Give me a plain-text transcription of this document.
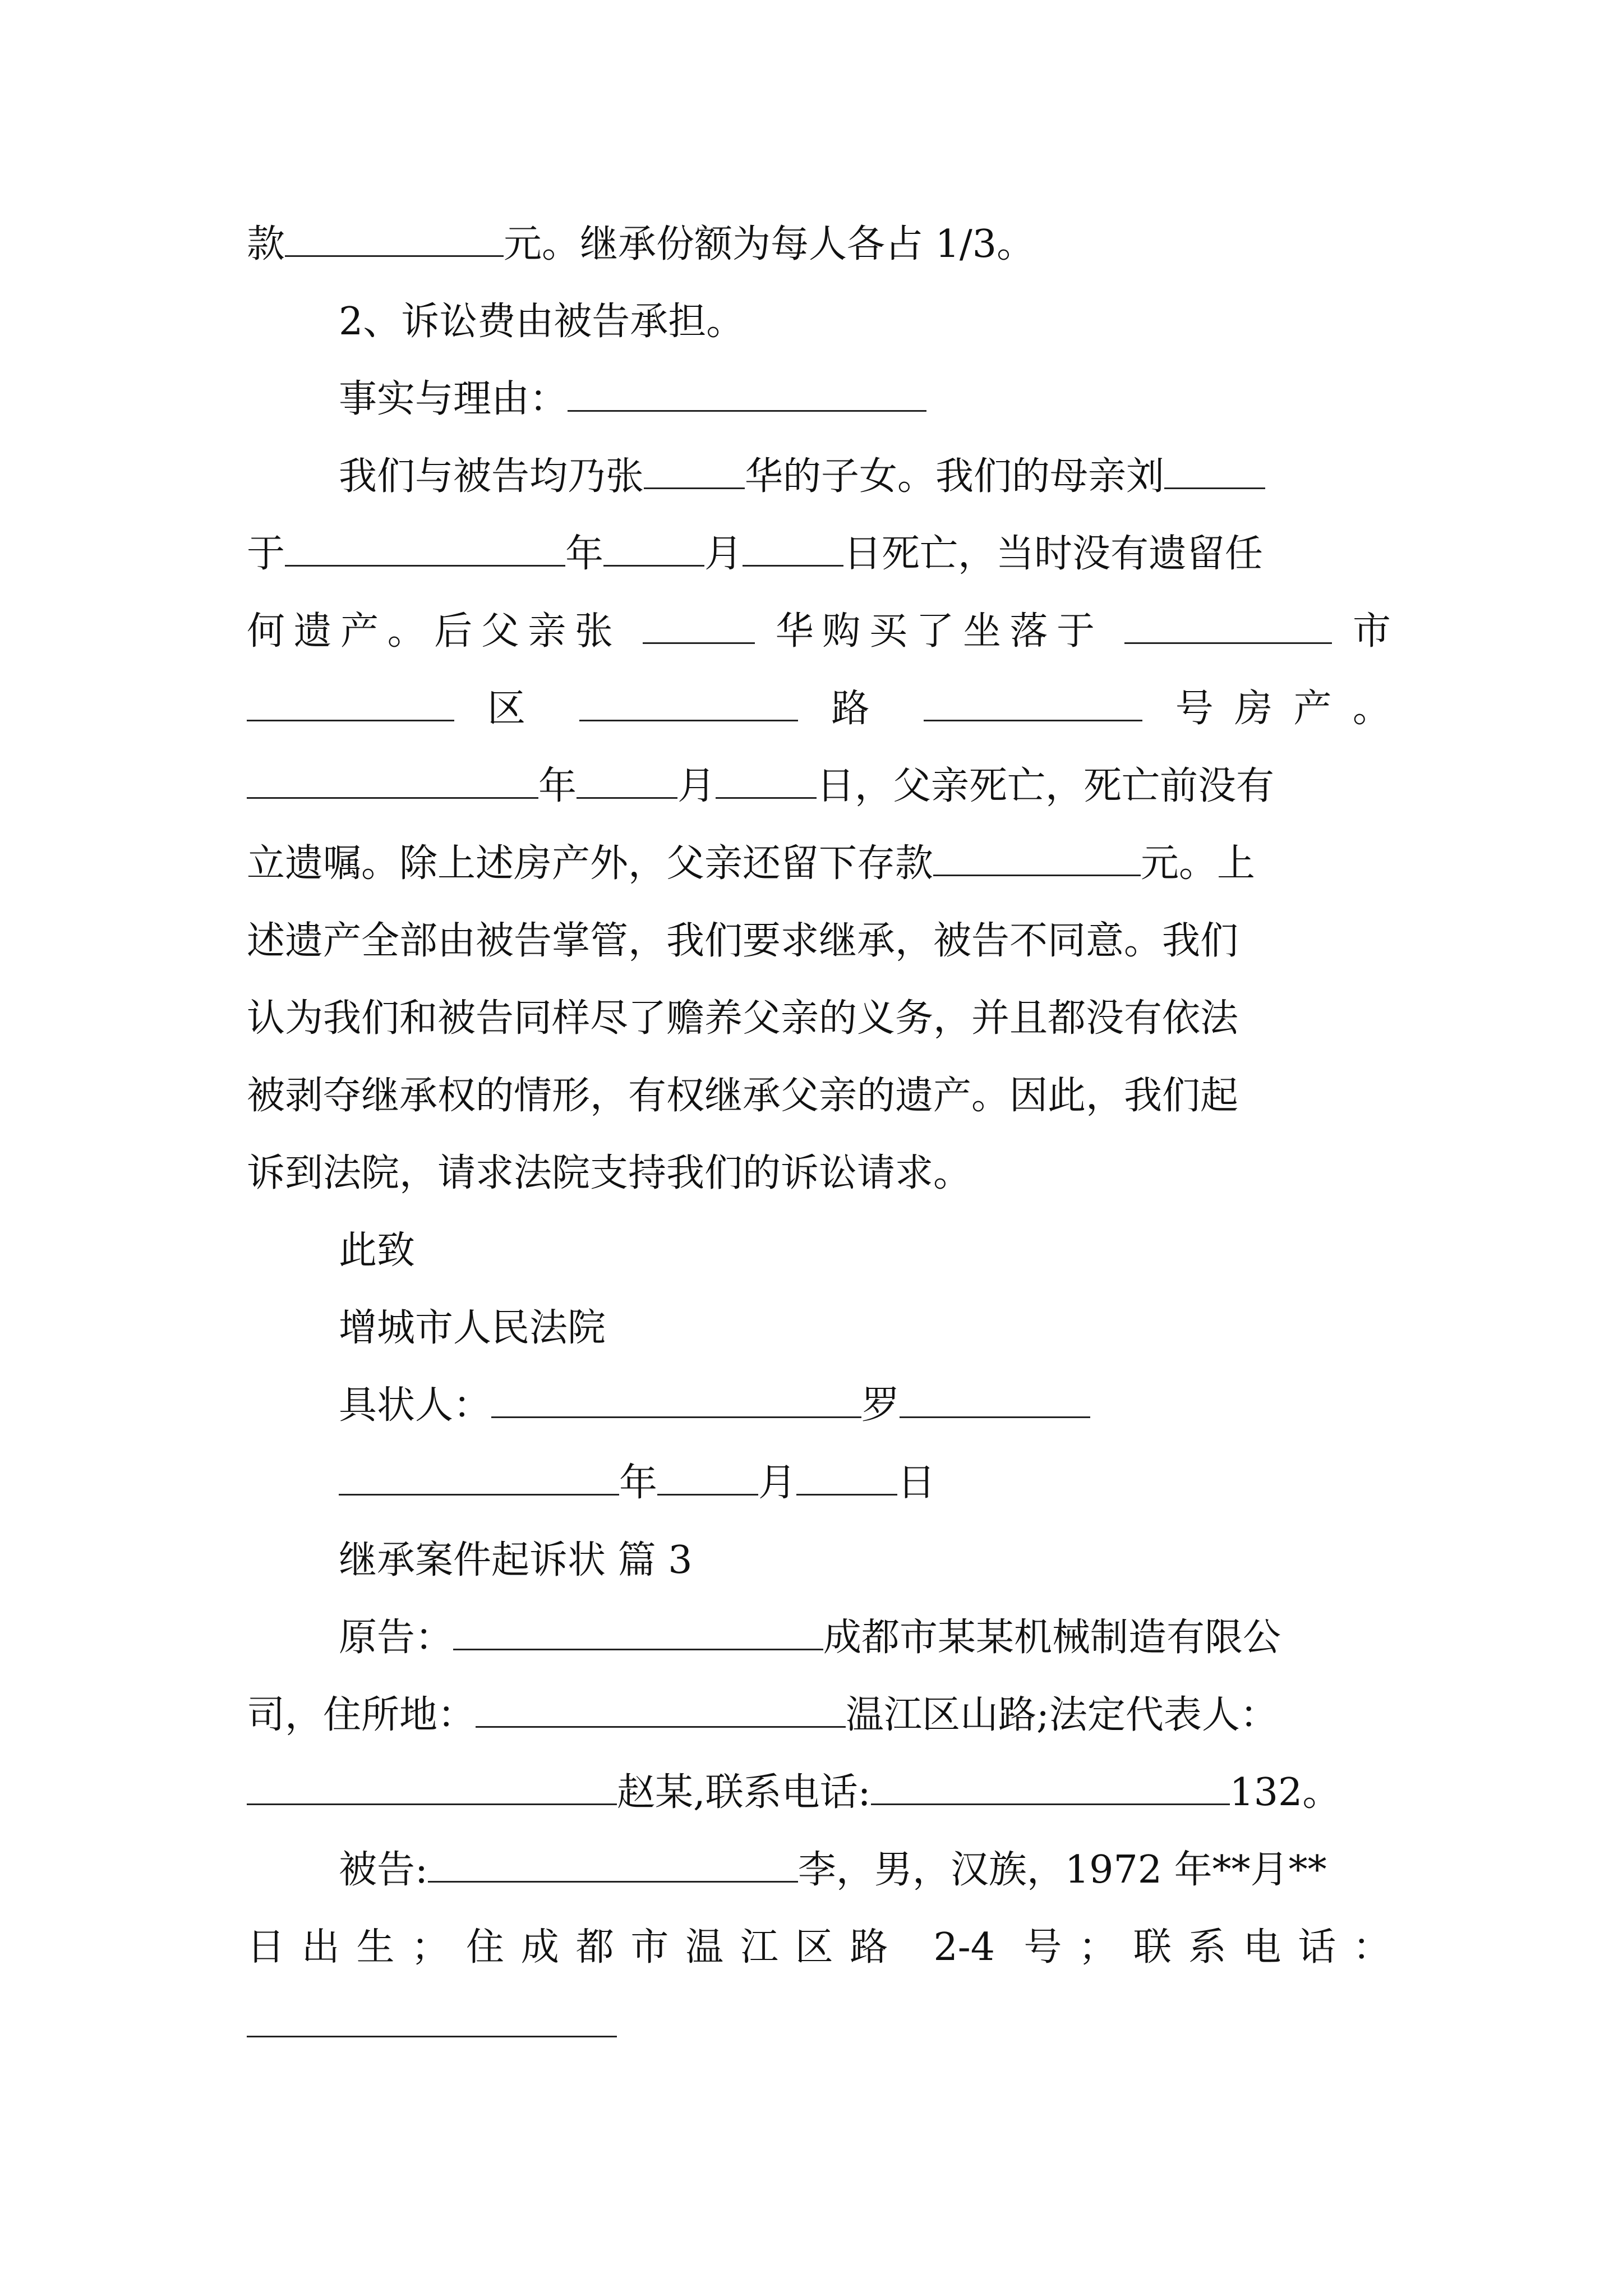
款	元。继承份额为每人各占 1/3。
2、诉讼费由被告承担。
事实与理由：
我们与被告均乃张	华的子女。我们的母亲刘
于	年	月	日死亡，当时没有遗留任
何遗产。后父亲张	华购买了坐落于	市
区	路	号房产。
年	月	日，父亲死亡，死亡前没有
立遗嘱。除上述房产外，父亲还留下存款	元。上
述遗产全部由被告掌管，我们要求继承，被告不同意。我们
认为我们和被告同样尽了赡养父亲的义务，并且都没有依法
被剥夺继承权的情形，有权继承父亲的遗产。因此，我们起
诉到法院，请求法院支持我们的诉讼请求。
此致
增城市人民法院
具状人：	罗
年	月	日
继承案件起诉状 篇 3
原告：	成都市某某机械制造有限公
司，住所地：	温江区山路;法定代表人：
赵某,联系电话:	132。
被告:	李，男，汉族，1972 年**月**
日出生；住成都市温江区路 2-4 号；联系电话：
